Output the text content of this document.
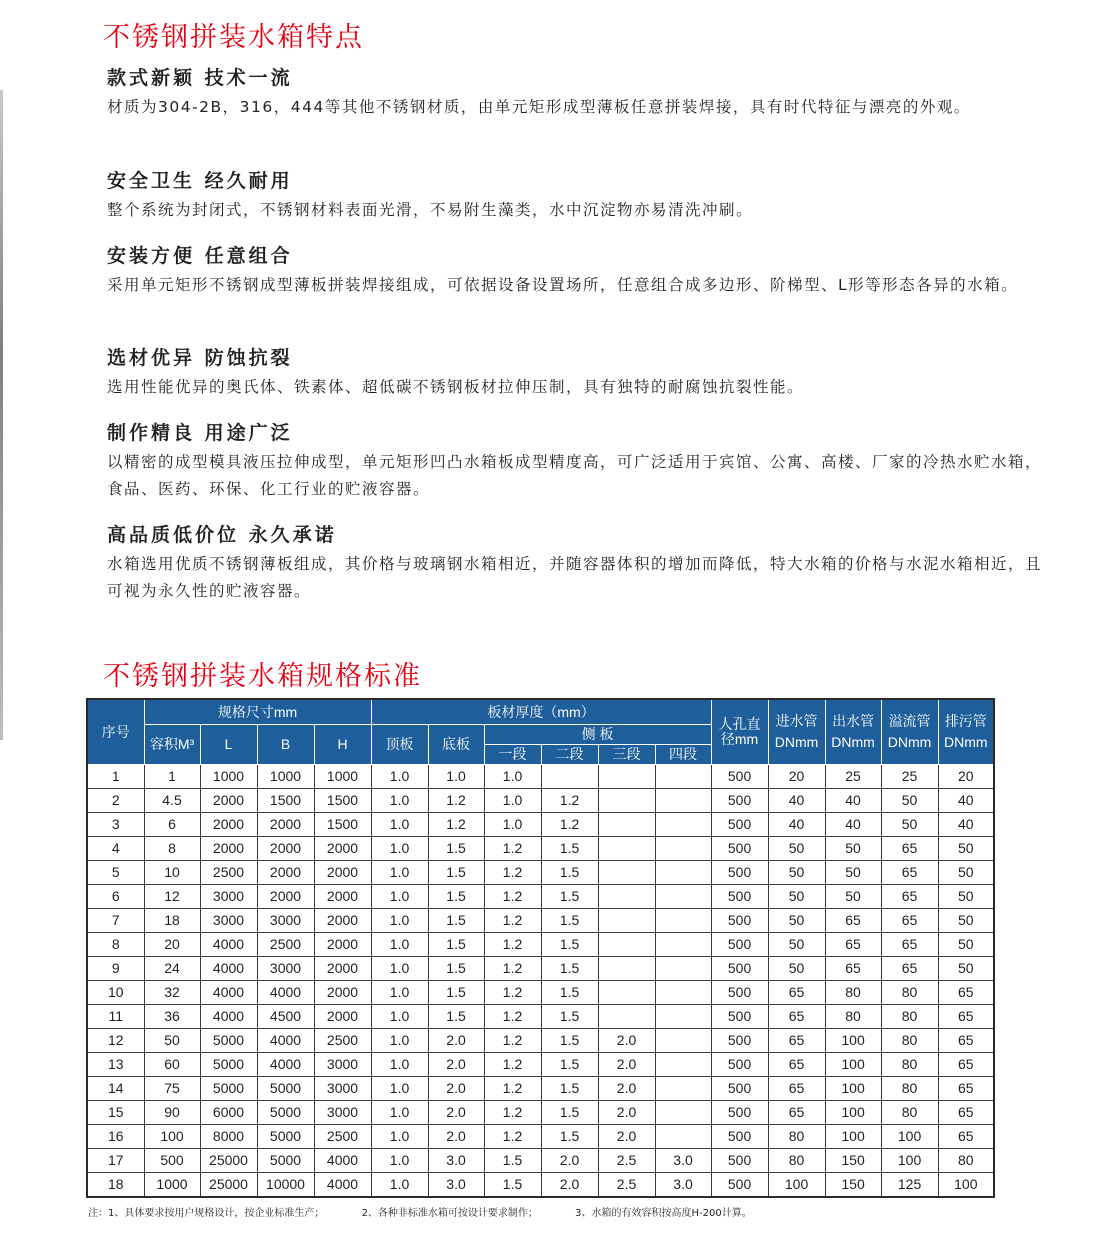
不锈钢拼装水箱特点
款式新颖 技术一流

材质为304-2B，316，444等其他不锈钢材质，由单元矩形成型薄板任意拼装焊接，具有时代特征与漂亮的外观。

安全卫生 经久耐用

整个系统为封闭式，不锈钢材料表面光滑，不易附生藻类，水中沉淀物亦易清洗冲刷。

安装方便 任意组合

采用单元矩形不锈钢成型薄板拼装焊接组成，可依据设备设置场所，任意组合成多边形、阶梯型、L形等形态各异的水箱。

选材优异 防蚀抗裂

选用性能优异的奥氏体、铁素体、超低碳不锈钢板材拉伸压制，具有独特的耐腐蚀抗裂性能。

制作精良 用途广泛

以精密的成型模具液压拉伸成型，单元矩形凹凸水箱板成型精度高，可广泛适用于宾馆、公寓、高楼、厂家的冷热水贮水箱，食品、医药、环保、化工行业的贮液容器。

高品质低价位 永久承诺

水箱选用优质不锈钢薄板组成，其价格与玻璃钢水箱相近，并随容器体积的增加而降低，特大水箱的价格与水泥水箱相近，且可视为永久性的贮液容器。

不锈钢拼装水箱规格标准
序号	规格尺寸mm				板材厚度（mm）						人孔直径mm	进水管DNmm	出水管DNmm	溢流管DNmm	排污管DNmm
	容积M³	L	B	H	顶板	底板	侧 板								
							一段	二段	三段	四段					
1	1	1000	1000	1000	1.0	1.0	1.0				500	20	25	25	20
2	4.5	2000	1500	1500	1.0	1.2	1.0	1.2			500	40	40	50	40
3	6	2000	2000	1500	1.0	1.2	1.0	1.2			500	40	40	50	40
4	8	2000	2000	2000	1.0	1.5	1.2	1.5			500	50	50	65	50
5	10	2500	2000	2000	1.0	1.5	1.2	1.5			500	50	50	65	50
6	12	3000	2000	2000	1.0	1.5	1.2	1.5			500	50	50	65	50
7	18	3000	3000	2000	1.0	1.5	1.2	1.5			500	50	65	65	50
8	20	4000	2500	2000	1.0	1.5	1.2	1.5			500	50	65	65	50
9	24	4000	3000	2000	1.0	1.5	1.2	1.5			500	50	65	65	50
10	32	4000	4000	2000	1.0	1.5	1.2	1.5			500	65	80	80	65
11	36	4000	4500	2000	1.0	1.5	1.2	1.5			500	65	80	80	65
12	50	5000	4000	2500	1.0	2.0	1.2	1.5	2.0		500	65	100	80	65
13	60	5000	4000	3000	1.0	2.0	1.2	1.5	2.0		500	65	100	80	65
14	75	5000	5000	3000	1.0	2.0	1.2	1.5	2.0		500	65	100	80	65
15	90	6000	5000	3000	1.0	2.0	1.2	1.5	2.0		500	65	100	80	65
16	100	8000	5000	2500	1.0	2.0	1.2	1.5	2.0		500	80	100	100	65
17	500	25000	5000	4000	1.0	3.0	1.5	2.0	2.5	3.0	500	80	150	100	80
18	1000	25000	10000	4000	1.0	3.0	1.5	2.0	2.5	3.0	500	100	150	125	100
注：1、具体要求按用户规格设计，按企业标准生产；	2、各种非标准水箱可按设计要求制作；	3、水箱的有效容积按高度H-200计算。
